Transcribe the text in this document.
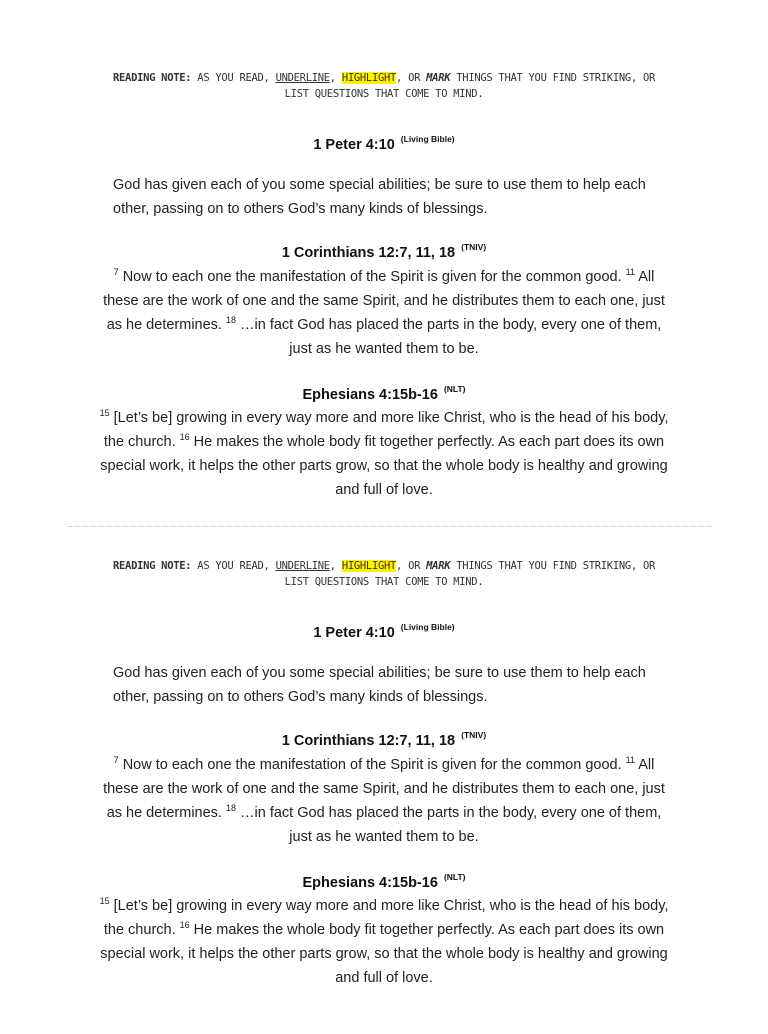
READING NOTE: AS YOU READ, UNDERLINE, HIGHLIGHT, OR MARK THINGS THAT YOU FIND STRIKING, OR LIST QUESTIONS THAT COME TO MIND.
1 Peter 4:10 $^{(Living Bible)}$

God has given each of you some special abilities; be sure to use them to help each other, passing on to others God’s many kinds of blessings.

1 Corinthians 12:7, 11, 18 $^{(TNIV)}$

$^7$ Now to each one the manifestation of the Spirit is given for the common good. $^{11}$ All these are the work of one and the same Spirit, and he distributes them to each one, just as he determines. $^{18}$ …in fact God has placed the parts in the body, every one of them, just as he wanted them to be.

Ephesians 4:15b-16 $^{(NLT)}$

$^{15}$ [Let’s be] growing in every way more and more like Christ, who is the head of his body, the church. $^{16}$ He makes the whole body fit together perfectly. As each part does its own special work, it helps the other parts grow, so that the whole body is healthy and growing and full of love.

READING NOTE: AS YOU READ, UNDERLINE, HIGHLIGHT, OR MARK THINGS THAT YOU FIND STRIKING, OR LIST QUESTIONS THAT COME TO MIND.
1 Peter 4:10 $^{(Living Bible)}$

God has given each of you some special abilities; be sure to use them to help each other, passing on to others God’s many kinds of blessings.

1 Corinthians 12:7, 11, 18 $^{(TNIV)}$

$^7$ Now to each one the manifestation of the Spirit is given for the common good. $^{11}$ All these are the work of one and the same Spirit, and he distributes them to each one, just as he determines. $^{18}$ …in fact God has placed the parts in the body, every one of them, just as he wanted them to be.

Ephesians 4:15b-16 $^{(NLT)}$

$^{15}$ [Let’s be] growing in every way more and more like Christ, who is the head of his body, the church. $^{16}$ He makes the whole body fit together perfectly. As each part does its own special work, it helps the other parts grow, so that the whole body is healthy and growing and full of love.
